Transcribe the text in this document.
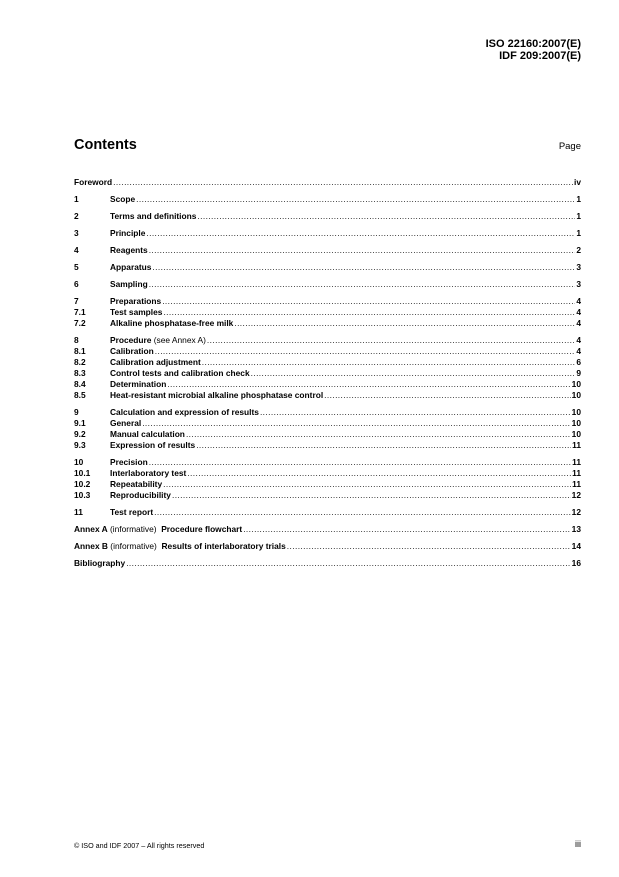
ISO 22160:2007(E)
IDF 209:2007(E)
Contents	Page
Foreword .....	iv
1	Scope .....	1
2	Terms and definitions .....	1
3	Principle .....	1
4	Reagents .....	2
5	Apparatus .....	3
6	Sampling .....	3
7	Preparations .....	4
7.1	Test samples .....	4
7.2	Alkaline phosphatase-free milk .....	4
8	Procedure (see Annex A) .....	4
8.1	Calibration .....	4
8.2	Calibration adjustment .....	6
8.3	Control tests and calibration check .....	9
8.4	Determination .....	10
8.5	Heat-resistant microbial alkaline phosphatase control .....	10
9	Calculation and expression of results .....	10
9.1	General .....	10
9.2	Manual calculation .....	10
9.3	Expression of results .....	11
10	Precision .....	11
10.1	Interlaboratory test .....	11
10.2	Repeatability .....	11
10.3	Reproducibility .....	12
11	Test report .....	12
Annex A (informative)  Procedure flowchart .....	13
Annex B (informative)  Results of interlaboratory trials .....	14
Bibliography .....	16
© ISO and IDF 2007 – All rights reserved	iii
